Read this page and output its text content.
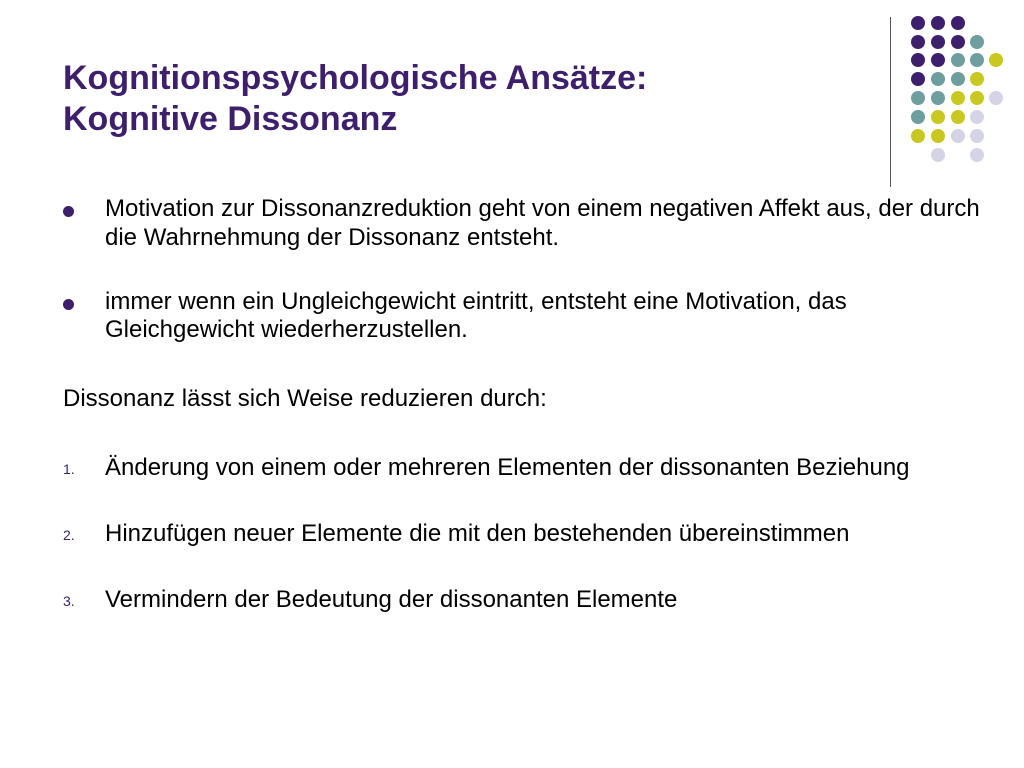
Kognitionspsychologische Ansätze:
Kognitive Dissonanz
Motivation zur Dissonanzreduktion geht von einem negativen Affekt aus, der durch die Wahrnehmung der Dissonanz entsteht.
immer wenn ein Ungleichgewicht eintritt, entsteht eine Motivation, das Gleichgewicht wiederherzustellen.

Dissonanz lässt sich Weise reduzieren durch:

1. Änderung von einem oder mehreren Elementen der dissonanten Beziehung
2. Hinzufügen neuer Elemente die mit den bestehenden übereinstimmen
3. Vermindern der Bedeutung der dissonanten Elemente
